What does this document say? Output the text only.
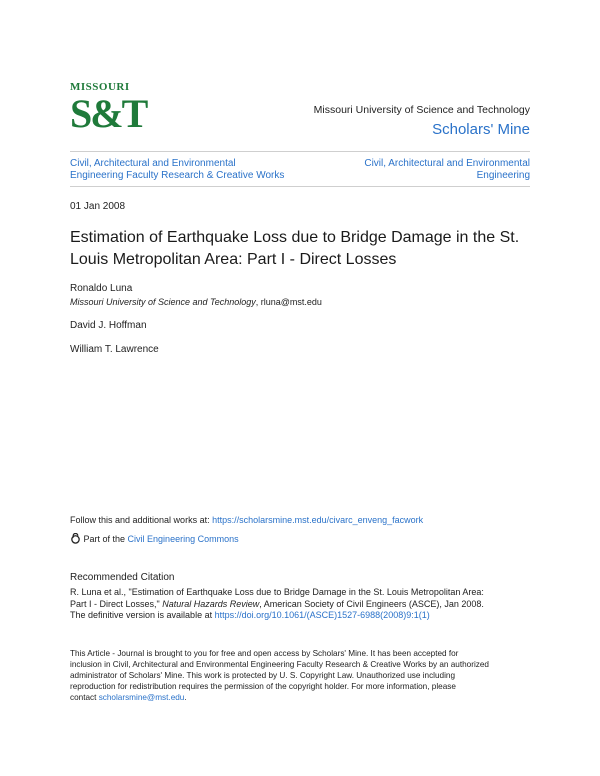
MISSOURI
S&T	Missouri University of Science and Technology
Scholars' Mine
Civil, Architectural and Environmental
Engineering Faculty Research & Creative Works
Civil, Architectural and Environmental
Engineering
01 Jan 2008
Estimation of Earthquake Loss due to Bridge Damage in the St.
Louis Metropolitan Area: Part I - Direct Losses
Ronaldo Luna
Missouri University of Science and Technology, rluna@mst.edu
David J. Hoffman
William T. Lawrence
Follow this and additional works at: https://scholarsmine.mst.edu/civarc_enveng_facwork
Part of the Civil Engineering Commons
Recommended Citation
R. Luna et al., "Estimation of Earthquake Loss due to Bridge Damage in the St. Louis Metropolitan Area:
Part I - Direct Losses," Natural Hazards Review, American Society of Civil Engineers (ASCE), Jan 2008.
The definitive version is available at https://doi.org/10.1061/(ASCE)1527-6988(2008)9:1(1)
This Article - Journal is brought to you for free and open access by Scholars' Mine. It has been accepted for
inclusion in Civil, Architectural and Environmental Engineering Faculty Research & Creative Works by an authorized
administrator of Scholars' Mine. This work is protected by U. S. Copyright Law. Unauthorized use including
reproduction for redistribution requires the permission of the copyright holder. For more information, please
contact scholarsmine@mst.edu.
